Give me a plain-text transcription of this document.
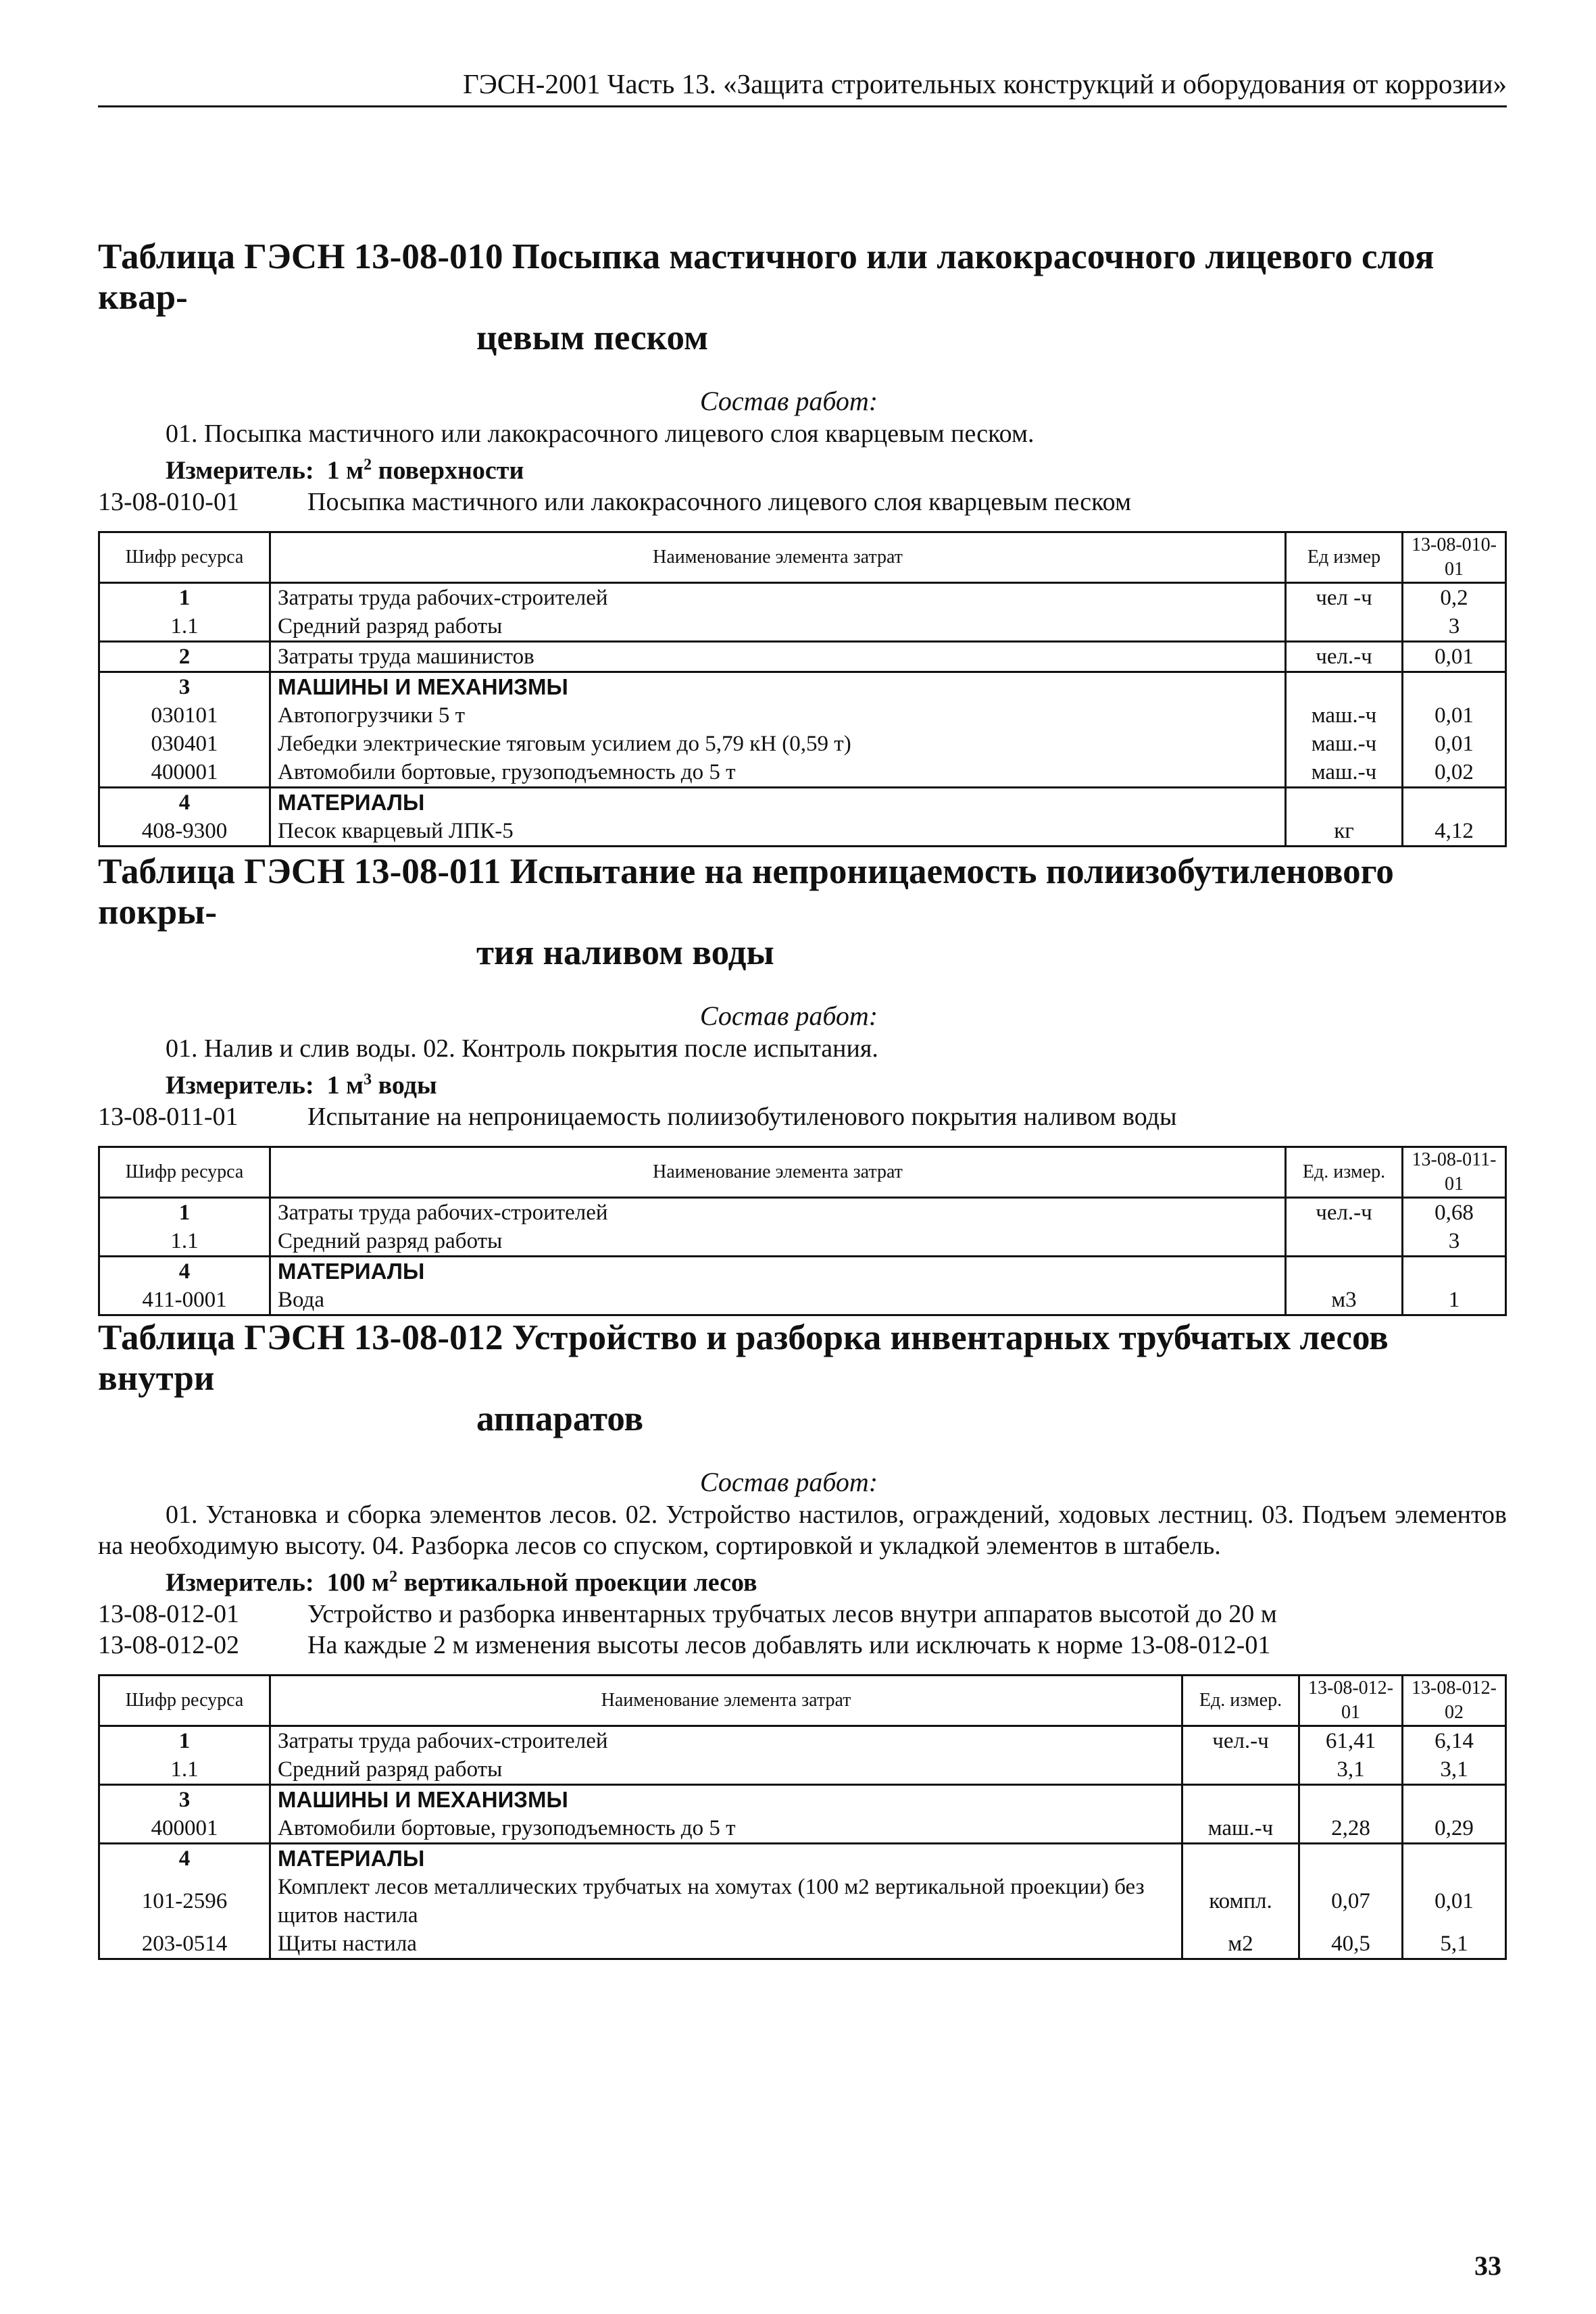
ГЭСН-2001 Часть 13. «Защита строительных конструкций и оборудования от коррозии»
Таблица ГЭСН 13-08-010 Посыпка мастичного или лакокрасочного лицевого слоя квар-
цевым песком
Состав работ:
01. Посыпка мастичного или лакокрасочного лицевого слоя кварцевым песком.
Измеритель: 1 $м^2$ поверхности
13-08-010-01	Посыпка мастичного или лакокрасочного лицевого слоя кварцевым песком
Шифр ресурса	Наименование элемента затрат	Ед измер	13-08-010-01
1	Затраты труда рабочих-строителей	чел -ч	0,2
1.1	Средний разряд работы		3
2	Затраты труда машинистов	чел.-ч	0,01
3	МАШИНЫ И МЕХАНИЗМЫ		
030101	Автопогрузчики 5 т	маш.-ч	0,01
030401	Лебедки электрические тяговым усилием до 5,79 кН (0,59 т)	маш.-ч	0,01
400001	Автомобили бортовые, грузоподъемность до 5 т	маш.-ч	0,02
4	МАТЕРИАЛЫ		
408-9300	Песок кварцевый ЛПК-5	кг	4,12
Таблица ГЭСН 13-08-011 Испытание на непроницаемость полиизобутиленового покры-
тия наливом воды
Состав работ:
01. Налив и слив воды. 02. Контроль покрытия после испытания.
Измеритель: 1 $м^3$ воды
13-08-011-01	Испытание на непроницаемость полиизобутиленового покрытия наливом воды
Шифр ресурса	Наименование элемента затрат	Ед. измер.	13-08-011-01
1	Затраты труда рабочих-строителей	чел.-ч	0,68
1.1	Средний разряд работы		3
4	МАТЕРИАЛЫ		
411-0001	Вода	м3	1
Таблица ГЭСН 13-08-012 Устройство и разборка инвентарных трубчатых лесов внутри
аппаратов
Состав работ:
01. Установка и сборка элементов лесов. 02. Устройство настилов, ограждений, ходовых лестниц. 03. Подъем элементов на необходимую высоту. 04. Разборка лесов со спуском, сортировкой и укладкой элементов в штабель.
Измеритель: 100 $м^2$ вертикальной проекции лесов
13-08-012-01	Устройство и разборка инвентарных трубчатых лесов внутри аппаратов высотой до 20 м
13-08-012-02	На каждые 2 м изменения высоты лесов добавлять или исключать к норме 13-08-012-01
Шифр ресурса	Наименование элемента затрат	Ед. измер.	13-08-012-01	13-08-012-02
1	Затраты труда рабочих-строителей	чел.-ч	61,41	6,14
1.1	Средний разряд работы		3,1	3,1
3	МАШИНЫ И МЕХАНИЗМЫ			
400001	Автомобили бортовые, грузоподъемность до 5 т	маш.-ч	2,28	0,29
4	МАТЕРИАЛЫ			
101-2596	Комплект лесов металлических трубчатых на хомутах (100 м2 вертикальной проекции) без щитов настила	компл.	0,07	0,01
203-0514	Щиты настила	м2	40,5	5,1
33
